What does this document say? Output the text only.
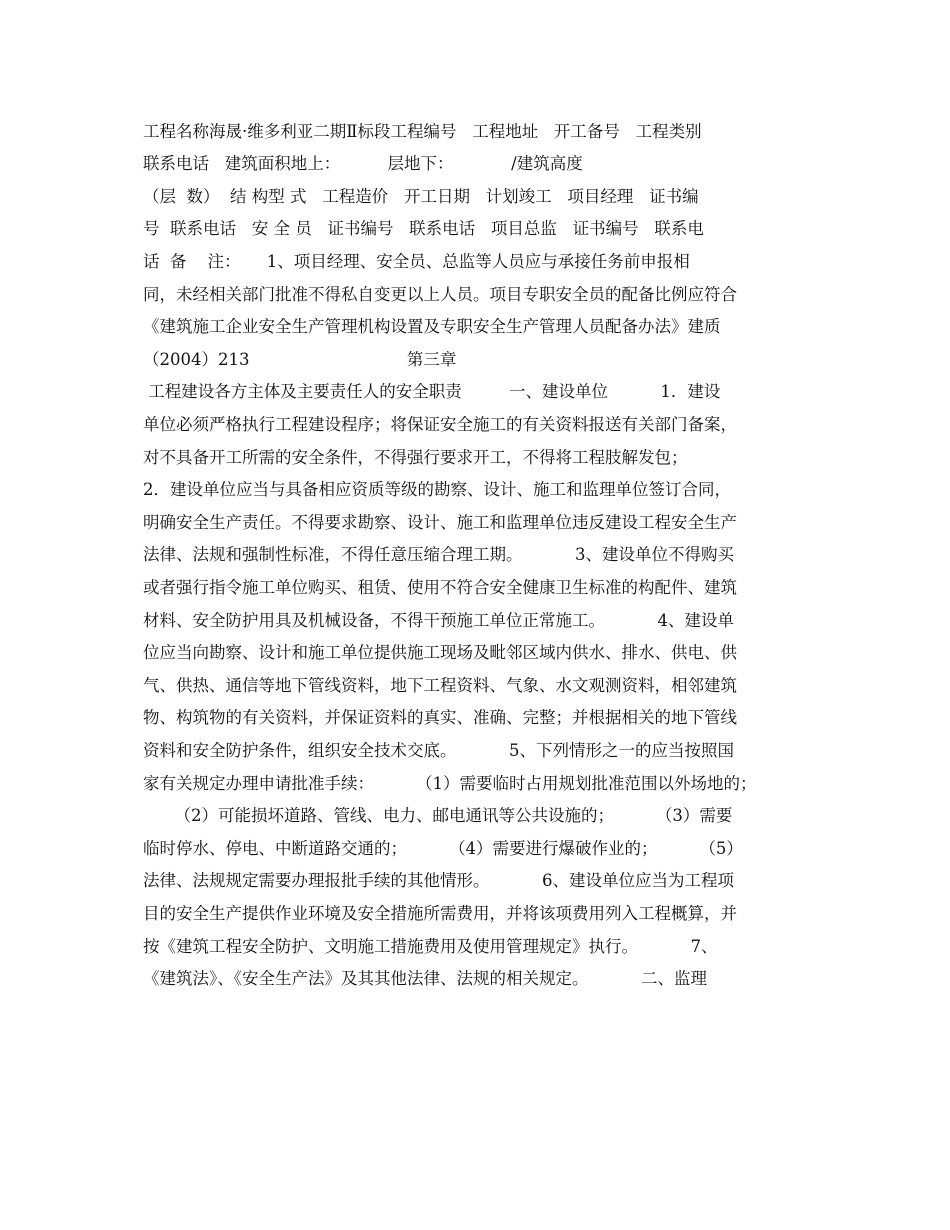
工程名称海晟·维多利亚二期Ⅱ标段工程编号   工程地址   开工备号   工程类别
联系电话   建筑面积地上：         层地下：           /建筑高度
（层  数）  结 构型 式   工程造价   开工日期   计划竣工   项目经理   证书编
号  联系电话   安 全 员   证书编号   联系电话   项目总监   证书编号   联系电
话  备    注：     1、项目经理、安全员、总监等人员应与承接任务前申报相
同，未经相关部门批准不得私自变更以上人员。项目专职安全员的配备比例应符合
《建筑施工企业安全生产管理机构设置及专职安全生产管理人员配备办法》建质
（2004）213                              第三章
工程建设各方主体及主要责任人的安全职责         一、建设单位          1．建设
单位必须严格执行工程建设程序；将保证安全施工的有关资料报送有关部门备案，
对不具备开工所需的安全条件，不得强行要求开工，不得将工程肢解发包；
2．建设单位应当与具备相应资质等级的勘察、设计、施工和监理单位签订合同，
明确安全生产责任。不得要求勘察、设计、施工和监理单位违反建设工程安全生产
法律、法规和强制性标准，不得任意压缩合理工期。          3、建设单位不得购买
或者强行指令施工单位购买、租赁、使用不符合安全健康卫生标准的构配件、建筑
材料、安全防护用具及机械设备，不得干预施工单位正常施工。          4、建设单
位应当向勘察、设计和施工单位提供施工现场及毗邻区域内供水、排水、供电、供
气、供热、通信等地下管线资料，地下工程资料、气象、水文观测资料，相邻建筑
物、构筑物的有关资料，并保证资料的真实、准确、完整；并根据相关的地下管线
资料和安全防护条件，组织安全技术交底。          5、下列情形之一的应当按照国
家有关规定办理申请批准手续：        （1）需要临时占用规划批准范围以外场地的；
（2）可能损坏道路、管线、电力、邮电通讯等公共设施的；        （3）需要
临时停水、停电、中断道路交通的；        （4）需要进行爆破作业的；        （5）
法律、法规规定需要办理报批手续的其他情形。          6、建设单位应当为工程项
目的安全生产提供作业环境及安全措施所需费用，并将该项费用列入工程概算，并
按《建筑工程安全防护、文明施工措施费用及使用管理规定》执行。          7、
《建筑法》、《安全生产法》及其其他法律、法规的相关规定。          二、监理
